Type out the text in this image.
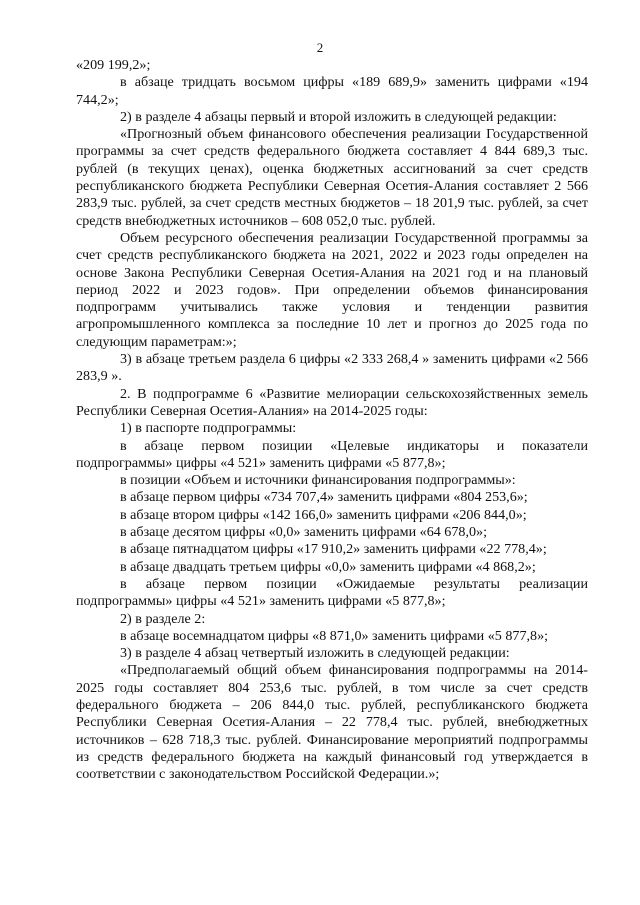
2

«209 199,2»;

в абзаце тридцать восьмом цифры «189 689,9» заменить цифрами «194 744,2»;

2) в разделе 4 абзацы первый и второй изложить в следующей редакции:

«Прогнозный объем финансового обеспечения реализации Государственной программы за счет средств федерального бюджета составляет 4 844 689,3 тыс. рублей (в текущих ценах), оценка бюджетных ассигнований за счет средств республиканского бюджета Республики Северная Осетия-Алания составляет 2 566 283,9 тыс. рублей, за счет средств местных бюджетов – 18 201,9 тыс. рублей, за счет средств внебюджетных источников – 608 052,0 тыс. рублей.

Объем ресурсного обеспечения реализации Государственной программы за счет средств республиканского бюджета на 2021, 2022 и 2023 годы определен на основе Закона Республики Северная Осетия-Алания на 2021 год и на плановый период 2022 и 2023 годов». При определении объемов финансирования подпрограмм учитывались также условия и тенденции развития агропромышленного комплекса за последние 10 лет и прогноз до 2025 года по следующим параметрам:»;

3) в абзаце третьем раздела 6 цифры «2 333 268,4 » заменить цифрами «2 566 283,9 ».

2. В подпрограмме 6 «Развитие мелиорации сельскохозяйственных земель Республики Северная Осетия-Алания» на 2014-2025 годы:

1) в паспорте подпрограммы:

в абзаце первом позиции «Целевые индикаторы и показатели подпрограммы» цифры «4 521» заменить цифрами «5 877,8»;

в позиции «Объем и источники финансирования подпрограммы»:

в абзаце первом цифры «734 707,4» заменить цифрами «804 253,6»;

в абзаце втором цифры «142 166,0» заменить цифрами «206 844,0»;

в абзаце десятом цифры «0,0» заменить цифрами «64 678,0»;

в абзаце пятнадцатом цифры «17 910,2» заменить цифрами «22 778,4»;

в абзаце двадцать третьем цифры «0,0» заменить цифрами «4 868,2»;

в абзаце первом позиции «Ожидаемые результаты реализации подпрограммы» цифры «4 521» заменить цифрами «5 877,8»;

2) в разделе 2:

в абзаце восемнадцатом цифры «8 871,0» заменить цифрами «5 877,8»;

3) в разделе 4 абзац четвертый изложить в следующей редакции:

«Предполагаемый общий объем финансирования подпрограммы на 2014-2025 годы составляет 804 253,6 тыс. рублей, в том числе за счет средств федерального бюджета – 206 844,0 тыс. рублей, республиканского бюджета Республики Северная Осетия-Алания – 22 778,4 тыс. рублей, внебюджетных источников – 628 718,3 тыс. рублей. Финансирование мероприятий подпрограммы из средств федерального бюджета на каждый финансовый год утверждается в соответствии с законодательством Российской Федерации.»;
